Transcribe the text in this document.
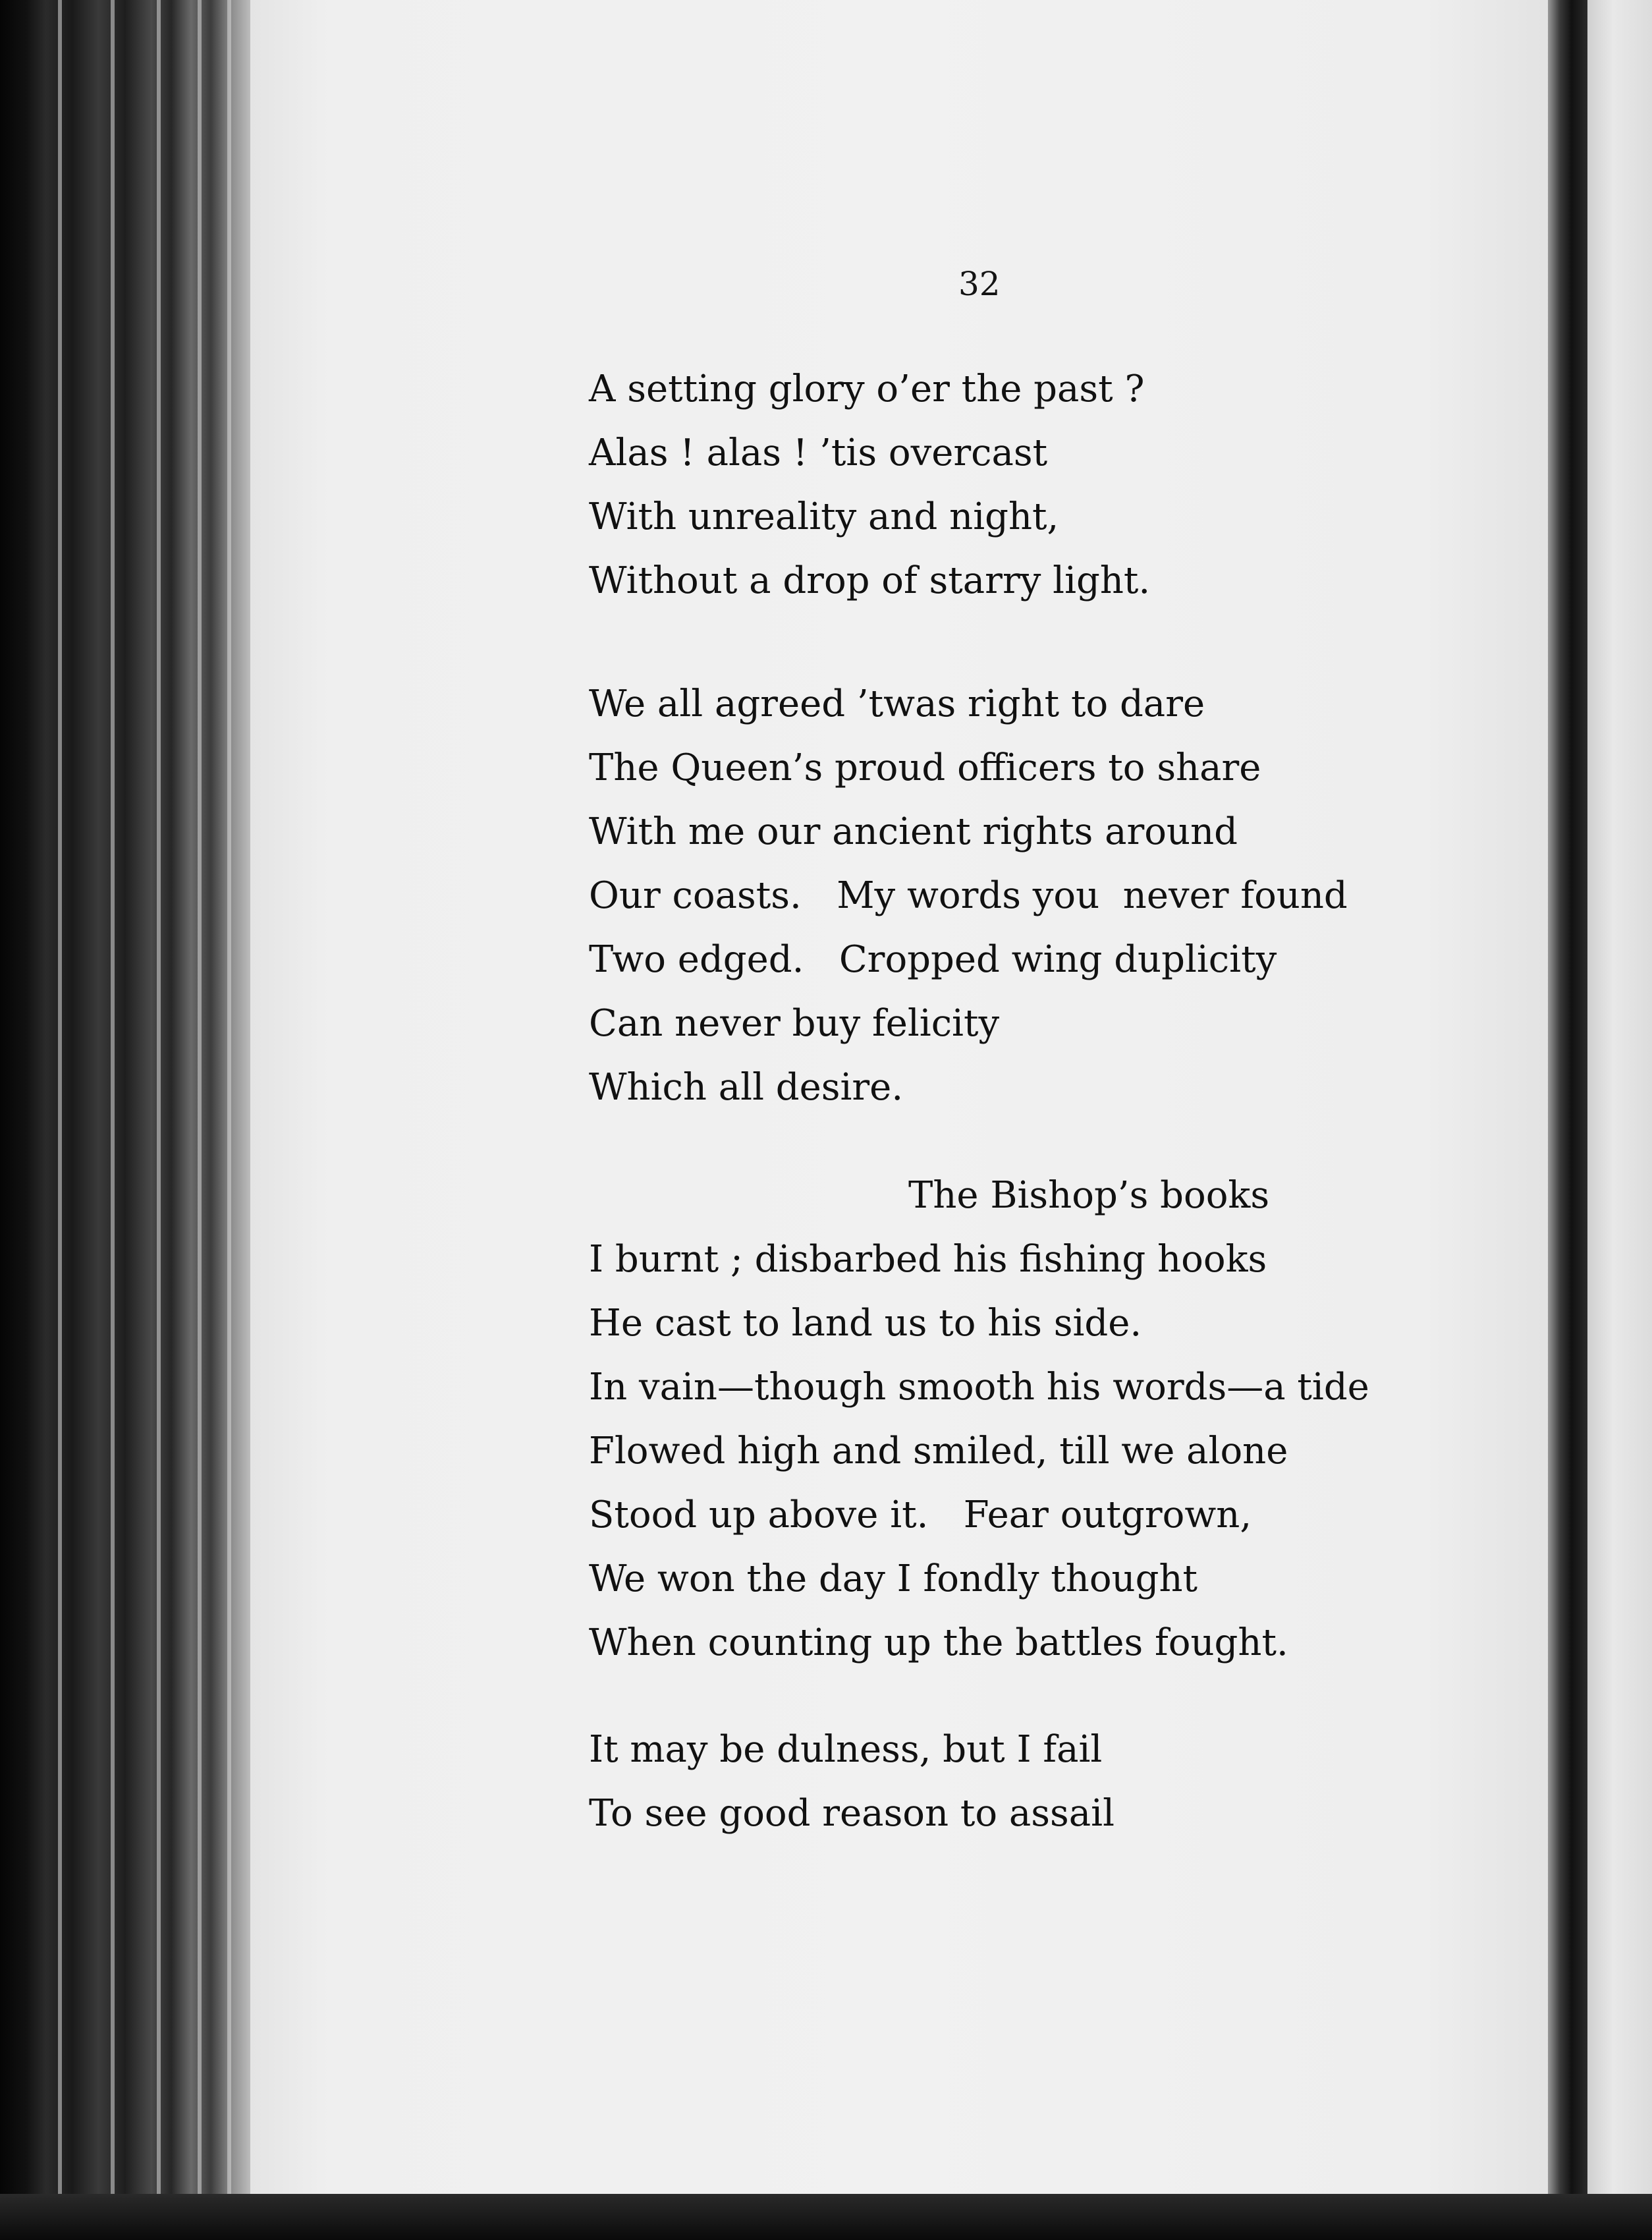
32

A setting glory o’er the past ?
Alas ! alas ! ’tis overcast
With unreality and night,
Without a drop of starry light.
We all agreed ’twas right to dare
The Queen’s proud officers to share
With me our ancient rights around
Our coasts.   My words you  never found
Two edged.   Cropped wing duplicity
Can never buy felicity
Which all desire.
The Bishop’s books
I burnt ; disbarbed his fishing hooks
He cast to land us to his side.
In vain—though smooth his words—a tide
Flowed high and smiled, till we alone
Stood up above it.   Fear outgrown,
We won the day I fondly thought
When counting up the battles fought.
It may be dulness, but I fail
To see good reason to assail
